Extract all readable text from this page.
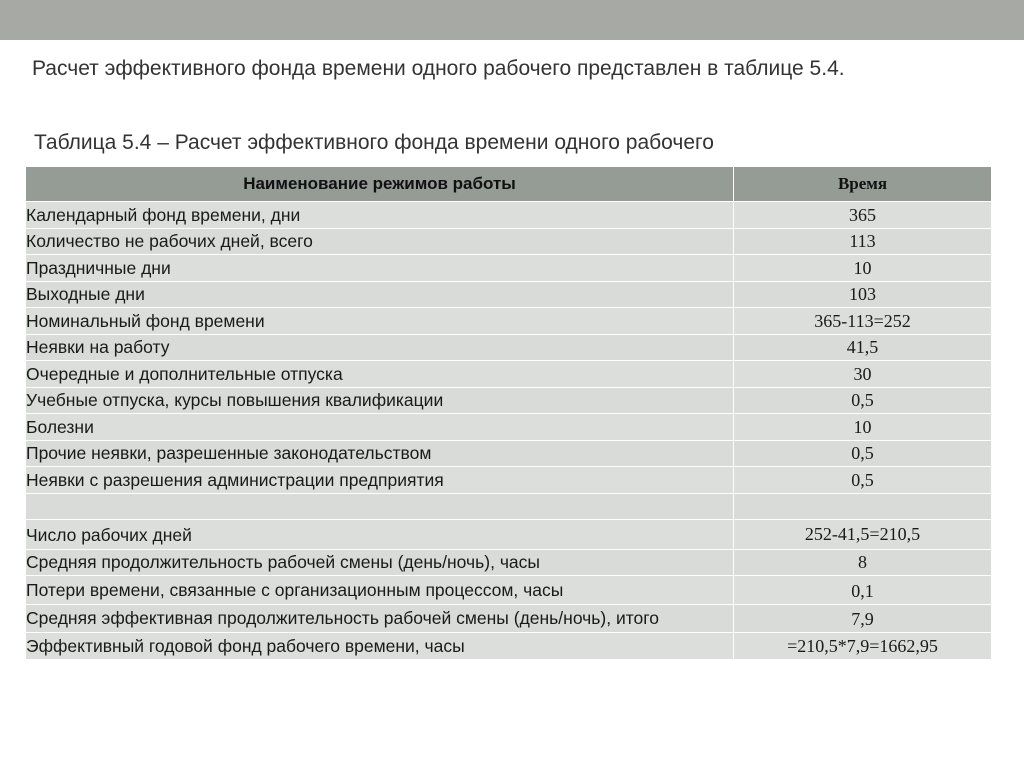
Расчет эффективного фонда времени одного рабочего представлен в таблице 5.4.
Таблица 5.4 – Расчет эффективного фонда времени одного рабочего
Наименование режимов работы	Время
Календарный фонд времени, дни	365
Количество не рабочих дней, всего	113
Праздничные дни	10
Выходные дни	103
Номинальный фонд времени	365-113=252
Неявки на работу	41,5
Очередные и дополнительные отпуска	30
Учебные отпуска, курсы повышения квалификации	0,5
Болезни	10
Прочие неявки, разрешенные законодательством	0,5
Неявки с разрешения администрации предприятия	0,5

Число рабочих дней	252-41,5=210,5
Средняя продолжительность рабочей смены (день/ночь), часы	8
Потери времени, связанные с организационным процессом, часы	0,1
Средняя эффективная продолжительность рабочей смены (день/ночь), итого	7,9
Эффективный годовой фонд рабочего времени, часы	=210,5*7,9=1662,95
